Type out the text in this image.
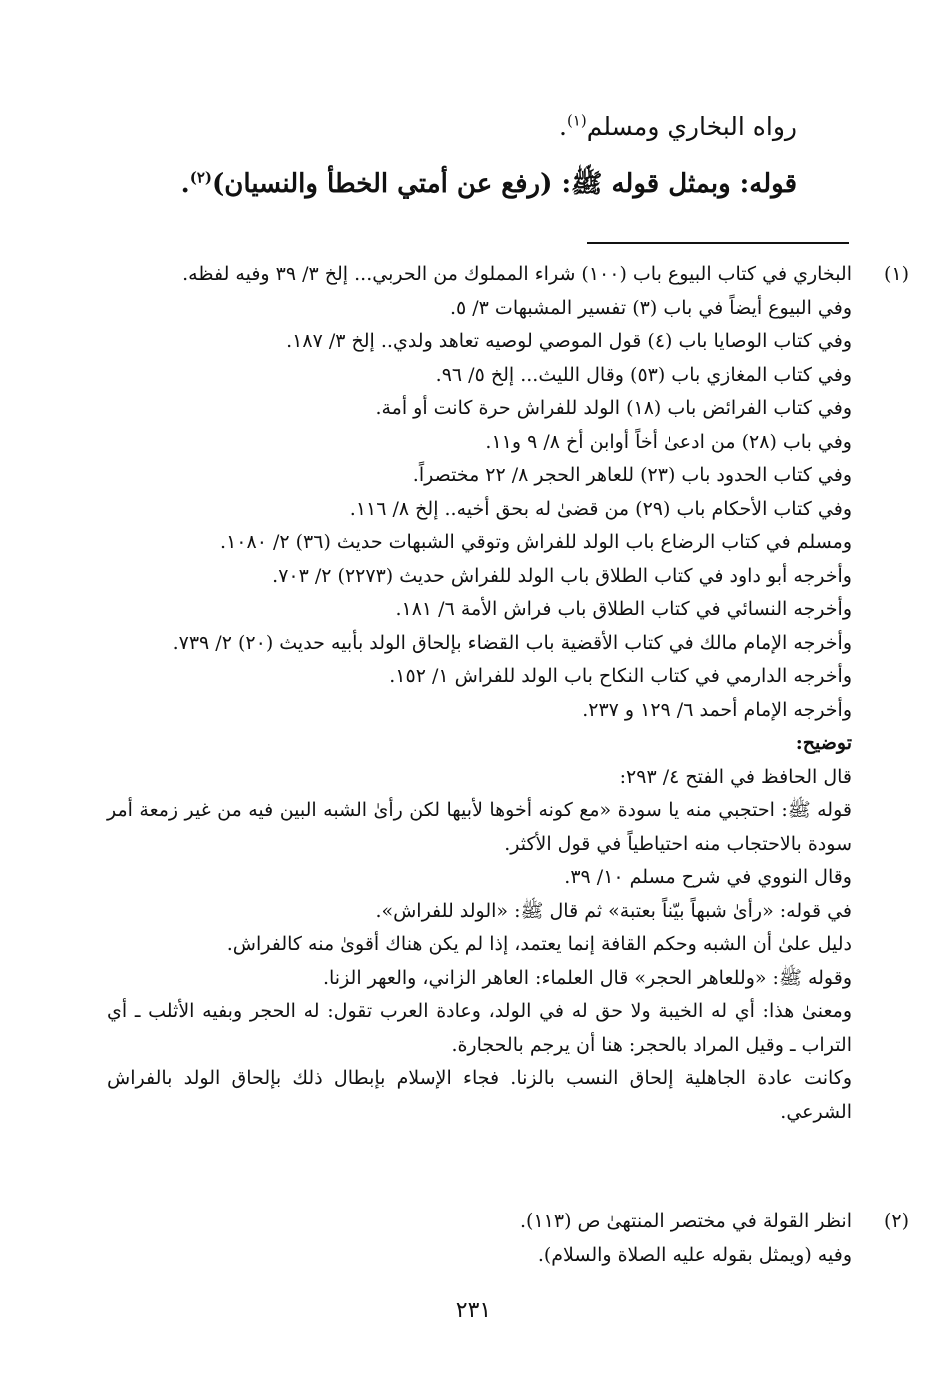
رواه البخاري ومسلم$^{(١)}$.
قوله: وبمثل قوله ﷺ: (رفع عن أمتي الخطأ والنسيان)$^{(٢)}$.
(١)

البخاري في كتاب البيوع باب (١٠٠) شراء المملوك من الحربي... إلخ ٣/ ٣٩ وفيه لفظه.

وفي البيوع أيضاً في باب (٣) تفسير المشبهات ٣/ ٥.

وفي كتاب الوصايا باب (٤) قول الموصي لوصيه تعاهد ولدي.. إلخ ٣/ ١٨٧.

وفي كتاب المغازي باب (٥٣) وقال الليث... إلخ ٥/ ٩٦.

وفي كتاب الفرائض باب (١٨) الولد للفراش حرة كانت أو أمة.

وفي باب (٢٨) من ادعىٰ أخاً أوابن أخ ٨/ ٩ و١١.

وفي كتاب الحدود باب (٢٣) للعاهر الحجر ٨/ ٢٢ مختصراً.

وفي كتاب الأحكام باب (٢٩) من قضىٰ له بحق أخيه.. إلخ ٨/ ١١٦.

ومسلم في كتاب الرضاع باب الولد للفراش وتوقي الشبهات حديث (٣٦) ٢/ ١٠٨٠.

وأخرجه أبو داود في كتاب الطلاق باب الولد للفراش حديث (٢٢٧٣) ٢/ ٧٠٣.

وأخرجه النسائي في كتاب الطلاق باب فراش الأمة ٦/ ١٨١.

وأخرجه الإمام مالك في كتاب الأقضية باب القضاء بإلحاق الولد بأبيه حديث (٢٠) ٢/ ٧٣٩.

وأخرجه الدارمي في كتاب النكاح باب الولد للفراش ١/ ١٥٢.

وأخرجه الإمام أحمد ٦/ ١٢٩ و ٢٣٧.

توضيح:

قال الحافظ في الفتح ٤/ ٢٩٣:

قوله ﷺ: احتجبي منه يا سودة «مع كونه أخوها لأبيها لكن رأىٰ الشبه البين فيه من غير زمعة أمر سودة بالاحتجاب منه احتياطياً في قول الأكثر.

وقال النووي في شرح مسلم ١٠/ ٣٩.

في قوله: «رأىٰ شبهاً بيّناً بعتبة» ثم قال ﷺ: «الولد للفراش».

دليل علىٰ أن الشبه وحكم القافة إنما يعتمد، إذا لم يكن هناك أقوىٰ منه كالفراش.

وقوله ﷺ: «وللعاهر الحجر» قال العلماء: العاهر الزاني، والعهر الزنا.

ومعنىٰ هذا: أي له الخيبة ولا حق له في الولد، وعادة العرب تقول: له الحجر وبفيه الأثلب ـ أي التراب ـ وقيل المراد بالحجر: هنا أن يرجم بالحجارة.

وكانت عادة الجاهلية إلحاق النسب بالزنا. فجاء الإسلام بإبطال ذلك بإلحاق الولد بالفراش الشرعي.

(٢)

انظر القولة في مختصر المنتهىٰ ص (١١٣).

وفيه (ويمثل بقوله عليه الصلاة والسلام).

٢٣١
